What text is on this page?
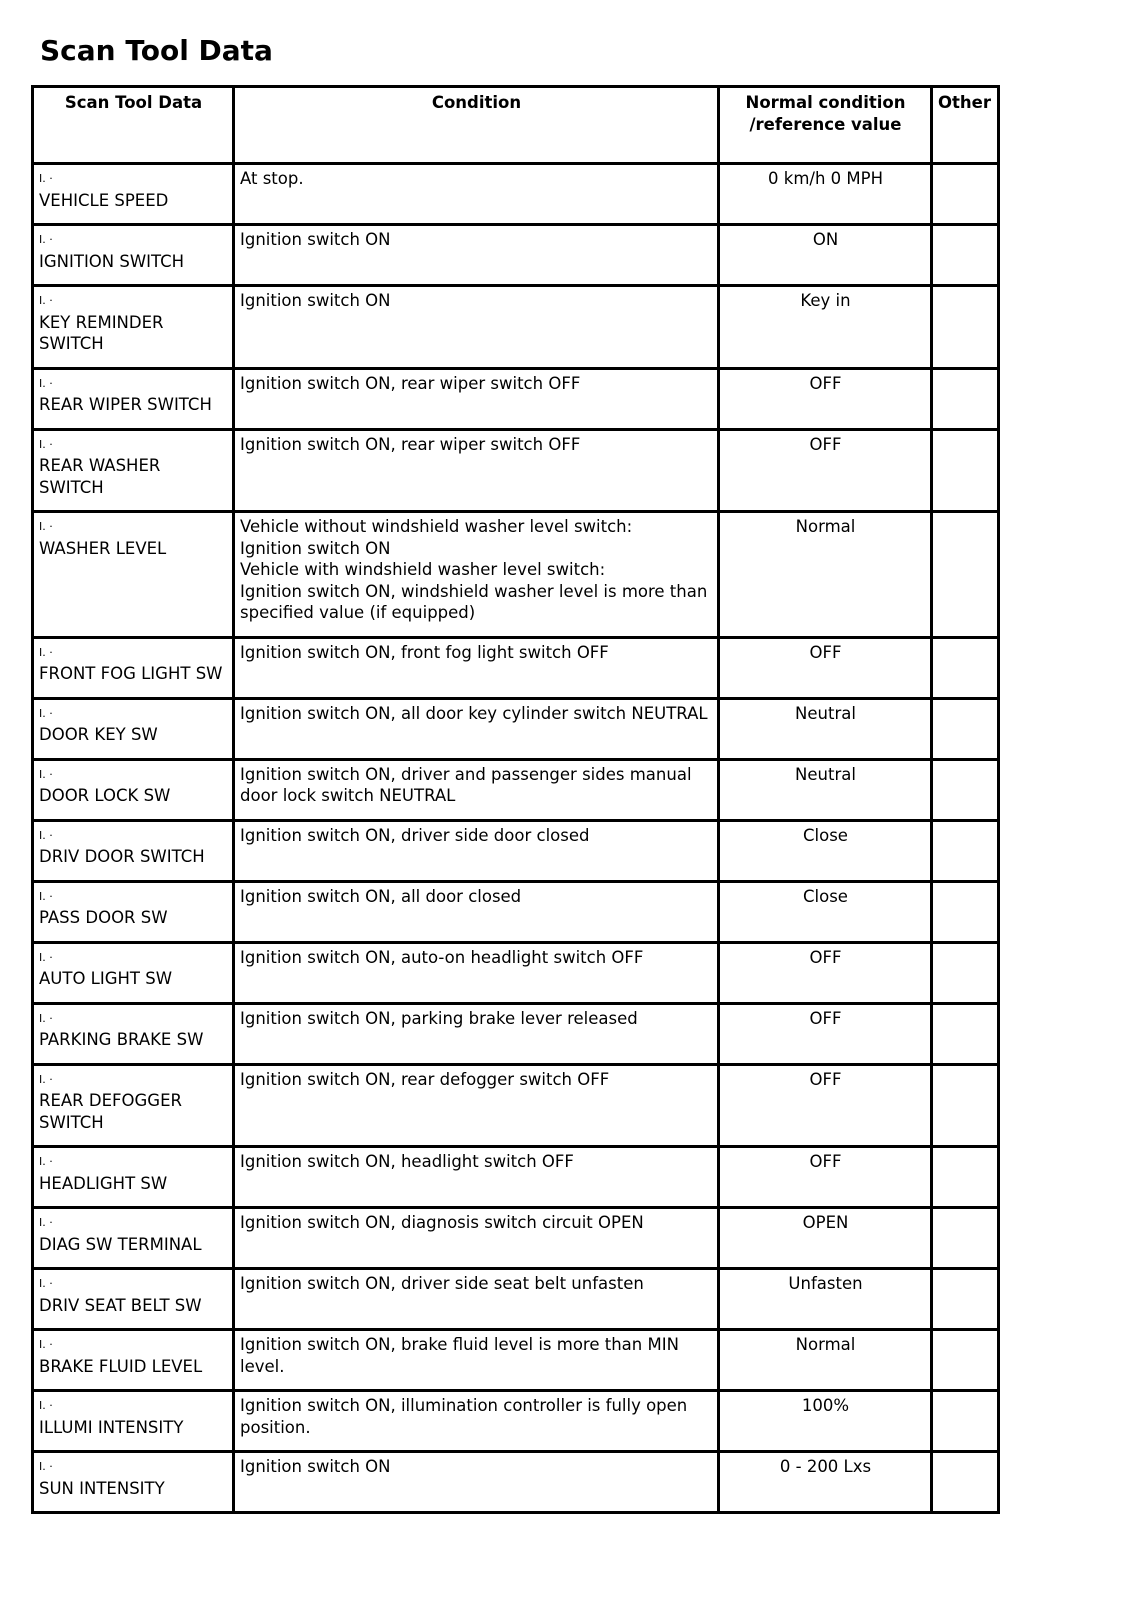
Scan Tool Data
Scan Tool Data	Condition	Normal condition /reference value	Other

I. ·
VEHICLE SPEED	At stop.	0 km/h 0 MPH	

I. ·
IGNITION SWITCH	Ignition switch ON	ON	

I. ·
KEY REMINDER SWITCH	Ignition switch ON	Key in	

I. ·
REAR WIPER SWITCH	Ignition switch ON, rear wiper switch OFF	OFF	

I. ·
REAR WASHER SWITCH	Ignition switch ON, rear wiper switch OFF	OFF	

I. ·
WASHER LEVEL	Vehicle without windshield washer level switch:
Ignition switch ON
Vehicle with windshield washer level switch:
Ignition switch ON, windshield washer level is more than specified value (if equipped)	Normal	

I. ·
FRONT FOG LIGHT SW	Ignition switch ON, front fog light switch OFF	OFF	

I. ·
DOOR KEY SW	Ignition switch ON, all door key cylinder switch NEUTRAL	Neutral	

I. ·
DOOR LOCK SW	Ignition switch ON, driver and passenger sides manual door lock switch NEUTRAL	Neutral	

I. ·
DRIV DOOR SWITCH	Ignition switch ON, driver side door closed	Close	

I. ·
PASS DOOR SW	Ignition switch ON, all door closed	Close	

I. ·
AUTO LIGHT SW	Ignition switch ON, auto-on headlight switch OFF	OFF	

I. ·
PARKING BRAKE SW	Ignition switch ON, parking brake lever released	OFF	

I. ·
REAR DEFOGGER SWITCH	Ignition switch ON, rear defogger switch OFF	OFF	

I. ·
HEADLIGHT SW	Ignition switch ON, headlight switch OFF	OFF	

I. ·
DIAG SW TERMINAL	Ignition switch ON, diagnosis switch circuit OPEN	OPEN	

I. ·
DRIV SEAT BELT SW	Ignition switch ON, driver side seat belt unfasten	Unfasten	

I. ·
BRAKE FLUID LEVEL	Ignition switch ON, brake fluid level is more than MIN level.	Normal	

I. ·
ILLUMI INTENSITY	Ignition switch ON, illumination controller is fully open position.	100%	

I. ·
SUN INTENSITY	Ignition switch ON	0 - 200 Lxs	
